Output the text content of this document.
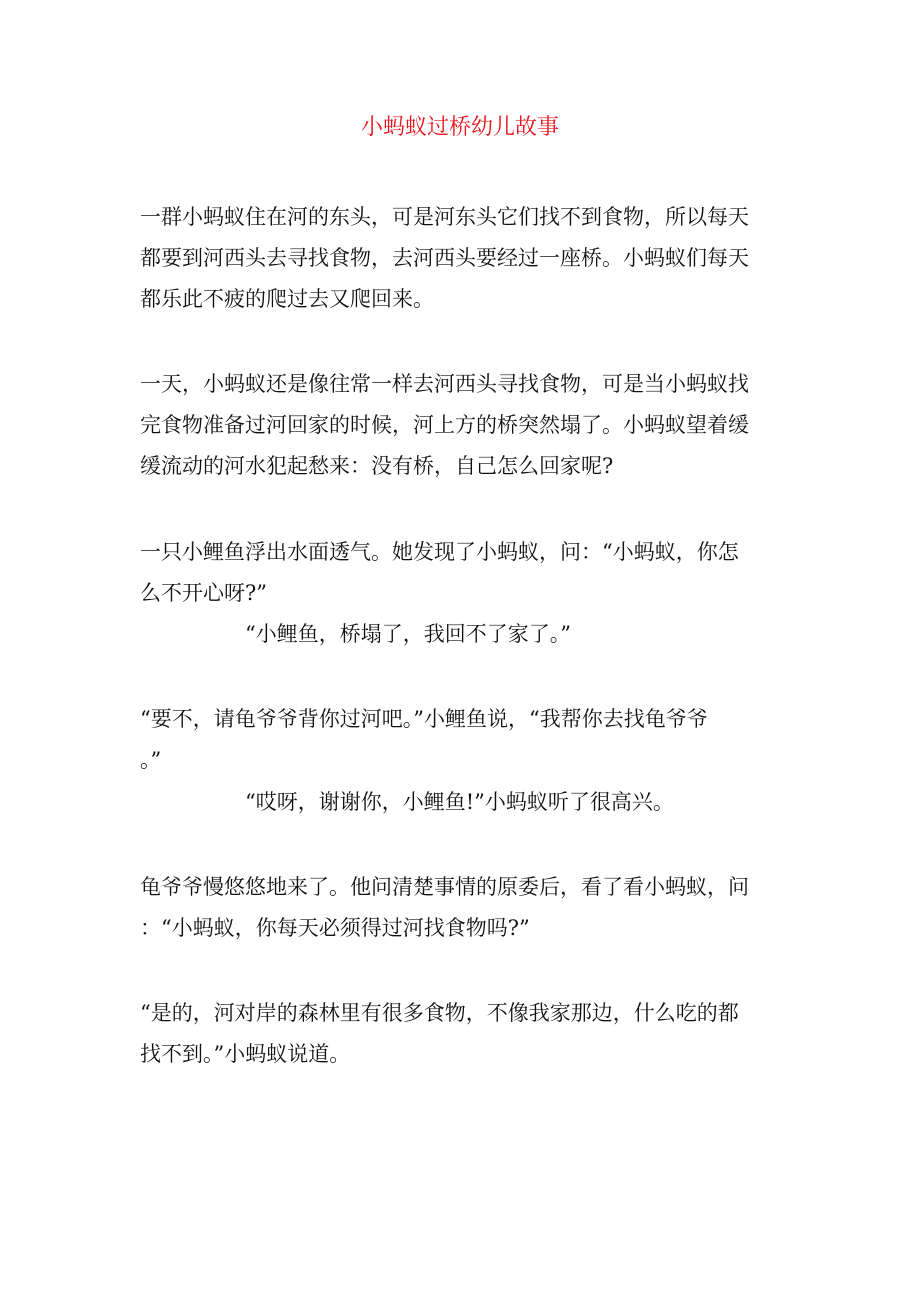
小蚂蚁过桥幼儿故事
一群小蚂蚁住在河的东头，可是河东头它们找不到食物，所以每天
都要到河西头去寻找食物，去河西头要经过一座桥。小蚂蚁们每天
都乐此不疲的爬过去又爬回来。
一天，小蚂蚁还是像往常一样去河西头寻找食物，可是当小蚂蚁找
完食物准备过河回家的时候，河上方的桥突然塌了。小蚂蚁望着缓
缓流动的河水犯起愁来：没有桥，自己怎么回家呢?
一只小鲤鱼浮出水面透气。她发现了小蚂蚁，问：“小蚂蚁，你怎
么不开心呀?”
“小鲤鱼，桥塌了，我回不了家了。”
“要不，请龟爷爷背你过河吧。”小鲤鱼说，“我帮你去找龟爷爷
。”
“哎呀，谢谢你，小鲤鱼!”小蚂蚁听了很高兴。
龟爷爷慢悠悠地来了。他问清楚事情的原委后，看了看小蚂蚁，问
：“小蚂蚁，你每天必须得过河找食物吗?”
“是的，河对岸的森林里有很多食物，不像我家那边，什么吃的都
找不到。”小蚂蚁说道。
